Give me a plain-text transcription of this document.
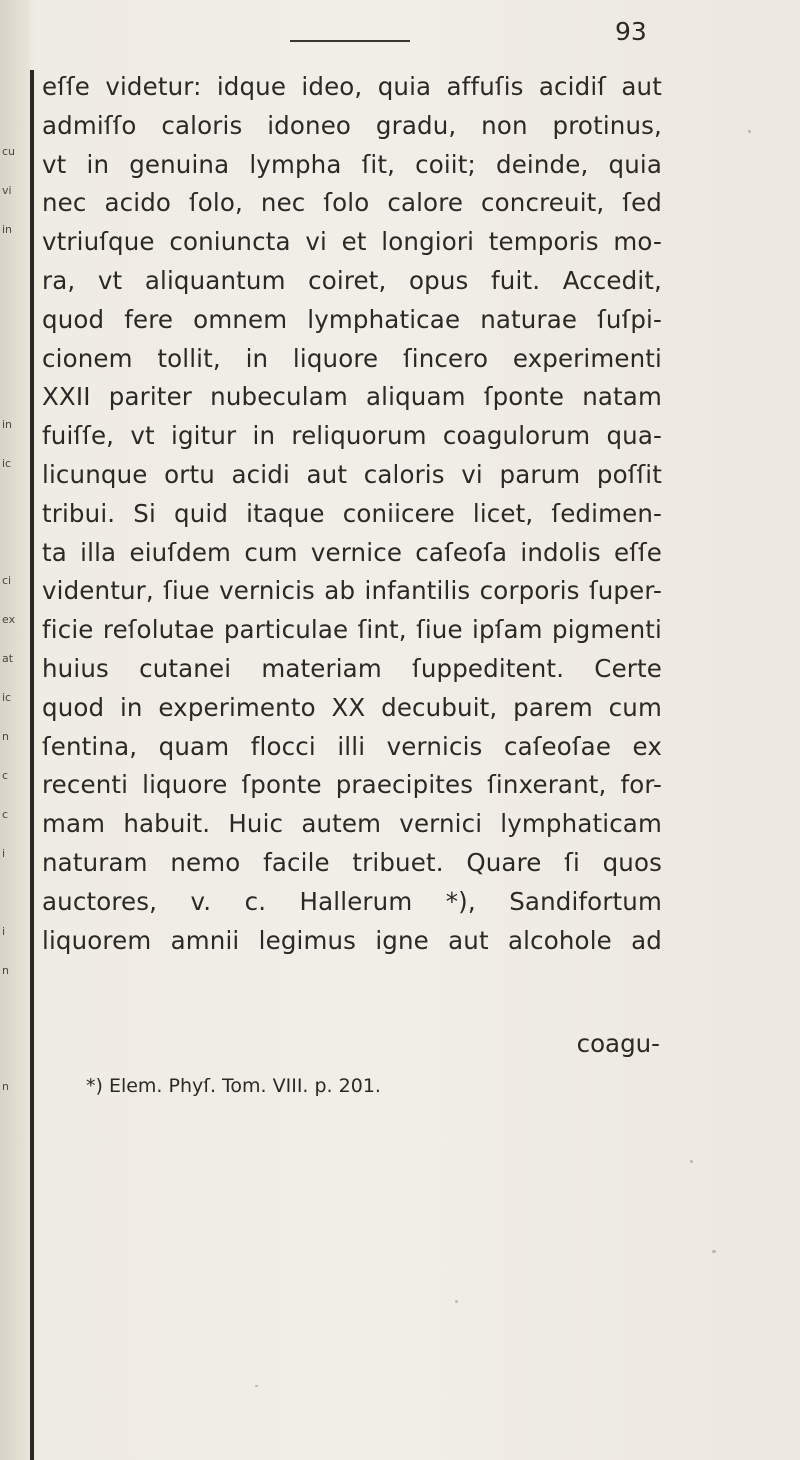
cu
vi
in
in
ic
ci
ex
at
ic
n
c
c
i
i
n
n
93
eſſe videtur: idque ideo, quia affuſis acidiſ aut
admiſſo caloris idoneo gradu, non protinus,
vt in genuina lympha ſit, coiit; deinde, quia
nec acido ſolo, nec ſolo calore concreuit, ſed
vtriuſque coniuncta vi et longiori temporis mo-
ra, vt aliquantum coiret, opus fuit. Accedit,
quod fere omnem lymphaticae naturae ſuſpi-
cionem tollit, in liquore ſincero experimenti
XXII pariter nubeculam aliquam ſponte natam
fuiſſe, vt igitur in reliquorum coagulorum qua-
licunque ortu acidi aut caloris vi parum poſſit
tribui. Si quid itaque coniicere licet, ſedimen-
ta illa eiuſdem cum vernice caſeoſa indolis eſſe
videntur, ſiue vernicis ab infantilis corporis ſuper-
ficie reſolutae particulae ſint, ſiue ipſam pigmenti
huius cutanei materiam ſuppeditent. Certe
quod in experimento XX decubuit, parem cum
ſentina, quam flocci illi vernicis caſeoſae ex
recenti liquore ſponte praecipites ſinxerant, for-
mam habuit. Huic autem vernici lymphaticam
naturam nemo facile tribuet. Quare ſi quos
auctores, v. c. Hallerum *), Sandifortum
liquorem amnii legimus igne aut alcohole ad
coagu-
*) Elem. Phyſ. Tom. VIII. p. 201.
